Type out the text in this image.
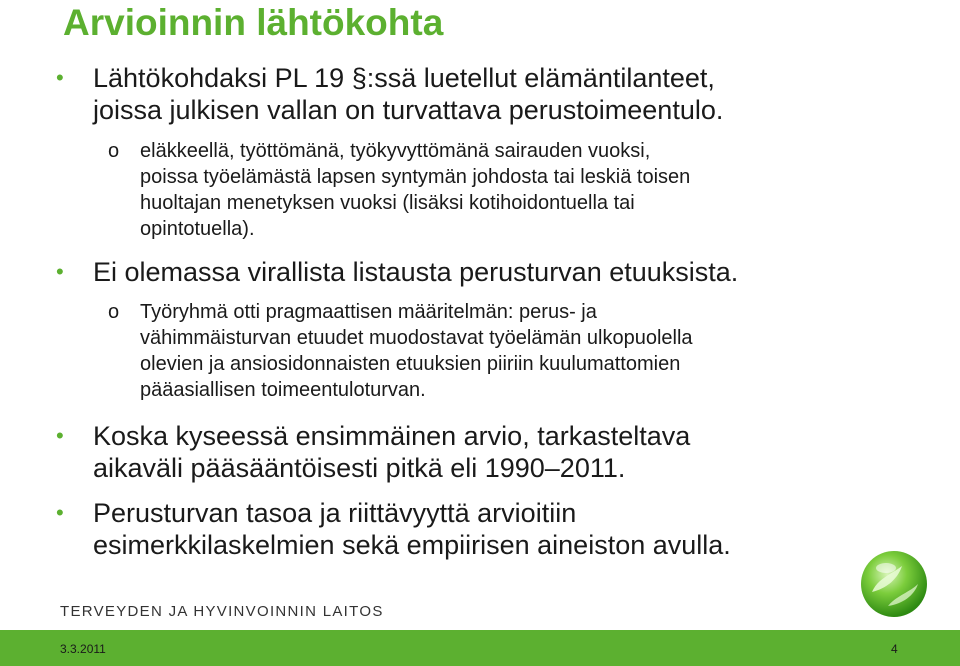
Arvioinnin lähtökohta
•	Lähtökohdaksi PL 19 §:ssä luetellut elämäntilanteet,
joissa julkisen vallan on turvattava perustoimeentulo.
o eläkkeellä, työttömänä, työkyvyttömänä sairauden vuoksi,
poissa työelämästä lapsen syntymän johdosta tai leskiä toisen
huoltajan menetyksen vuoksi (lisäksi kotihoidontuella tai
opintotuella).
•	Ei olemassa virallista listausta perusturvan etuuksista.
o Työryhmä otti pragmaattisen määritelmän: perus- ja
vähimmäisturvan etuudet muodostavat työelämän ulkopuolella
olevien ja ansiosidonnaisten etuuksien piiriin kuulumattomien
pääasiallisen toimeentuloturvan.
•	Koska kyseessä ensimmäinen arvio, tarkasteltava
aikaväli pääsääntöisesti pitkä eli 1990–2011.
•	Perusturvan tasoa ja riittävyyttä arvioitiin
esimerkkilaskelmien sekä empiirisen aineiston avulla.
TERVEYDEN JA HYVINVOINNIN LAITOS
3.3.2011	4
